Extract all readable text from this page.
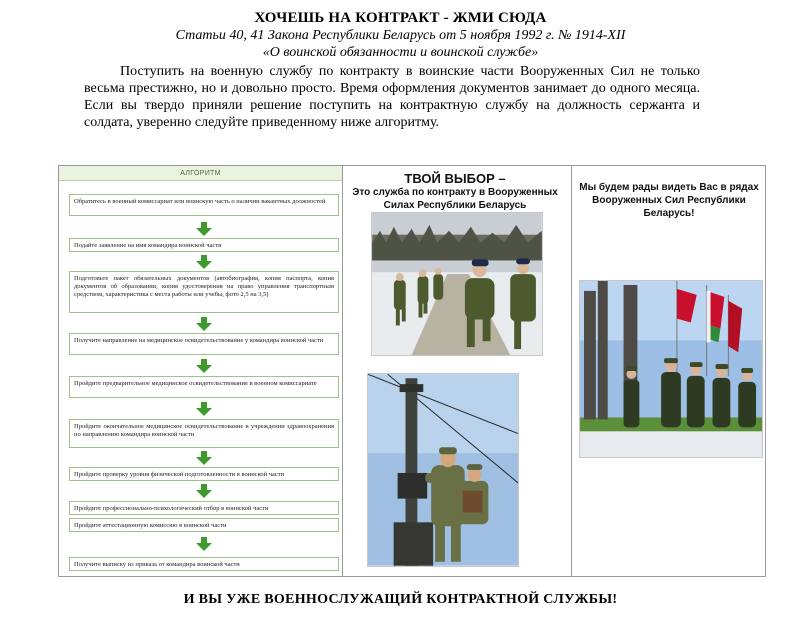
ХОЧЕШЬ НА КОНТРАКТ - ЖМИ СЮДА
Статьи 40, 41 Закона Республики Беларусь от 5 ноября 1992 г. № 1914-XII
«О воинской обязанности и воинской службе»

Поступить на военную службу по контракту в воинские части Вооруженных Сил не только весьма престижно, но и довольно просто. Время оформления документов занимает до одного месяца. Если вы твердо приняли решение поступить на контрактную службу на должность сержанта и солдата, уверенно следуйте приведенному ниже алгоритму.

АЛГОРИТМ
Обратитесь в военный комиссариат или воинскую часть о наличии вакантных должностей
Подайте заявление на имя командира воинской части
Подготовьте пакет обязательных документов (автобиография, копия паспорта, копия документов об образовании, копия удостоверения на право управления транспортным средством, характеристика с места работы или учебы, фото 2,5 на 3,5)
Получите направление на медицинское освидетельствование у командира воинской части
Пройдите предварительное медицинское освидетельствование в военном комиссариате
Пройдите окончательное медицинское освидетельствование в учреждении здравоохранения по направлению командира воинской части
Пройдите проверку уровня физической подготовленности в воинской части
Пройдите профессионально-психологический отбор в воинской части
Пройдите аттестационную комиссию в воинской части
Получите выписку из приказа от командира воинской части
ТВОЙ ВЫБОР –
Это служба по контракту в Вооруженных Силах Республики Беларусь
Мы будем рады видеть Вас в рядах Вооруженных Сил Республики Беларусь!
И ВЫ УЖЕ ВОЕННОСЛУЖАЩИЙ КОНТРАКТНОЙ СЛУЖБЫ!
